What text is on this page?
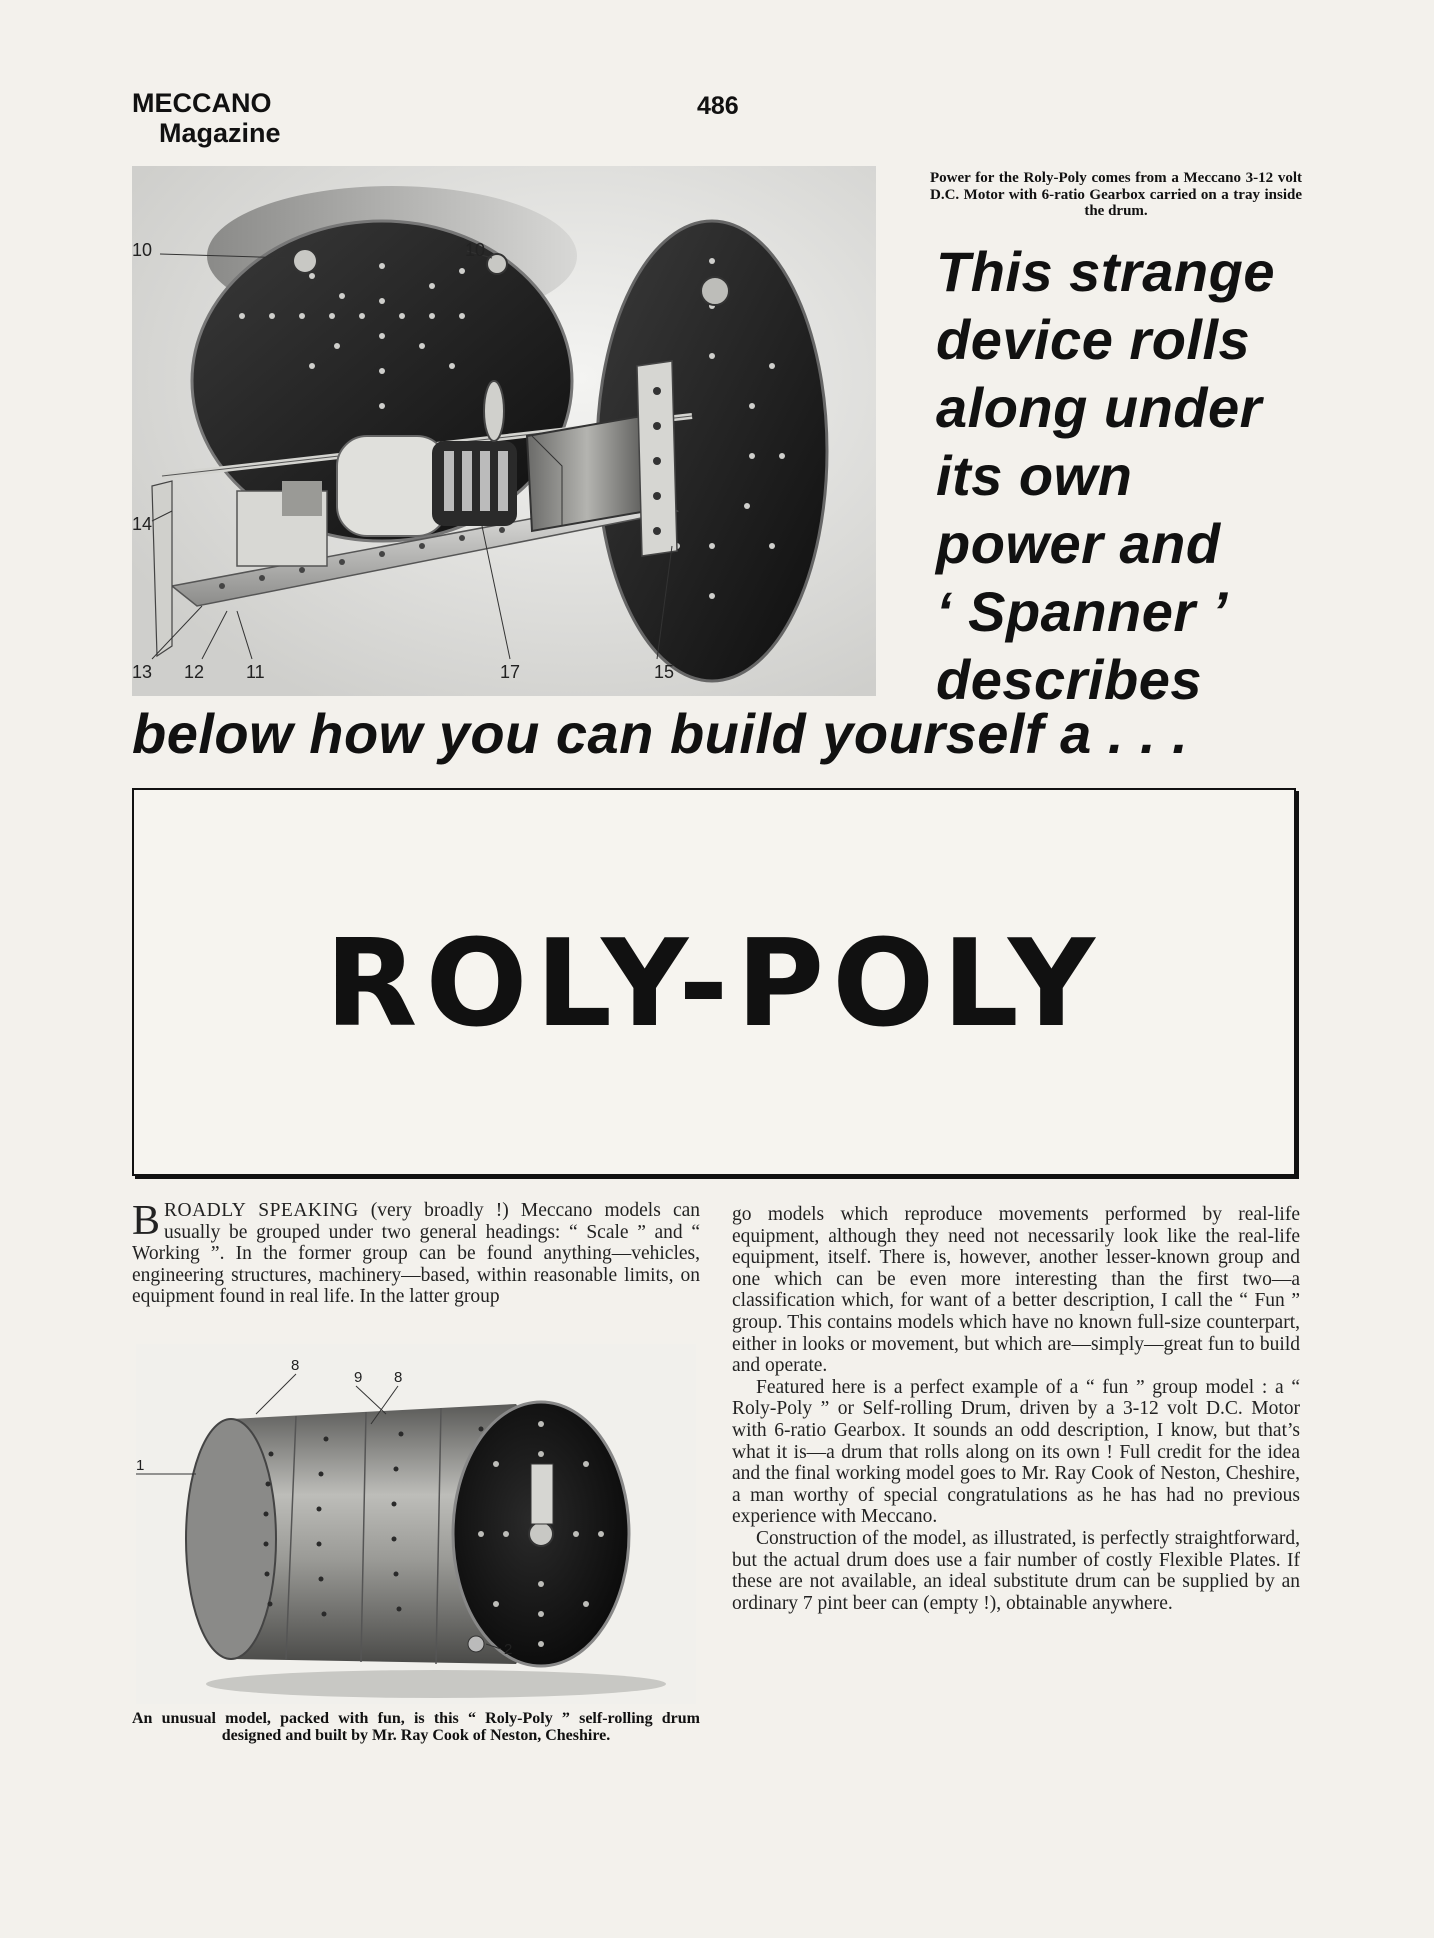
MECCANO
Magazine
486
10	10
14
13 12 11	17	15
Power for the Roly-Poly comes from a Meccano 3-12 volt D.C. Motor with 6-ratio Gearbox carried on a tray inside the drum.
This strange
device rolls
along under
its own
power and
‘ Spanner ’
describes
below how you can build yourself a . . .
ROLY-POLY

BROADLY SPEAKING (very broadly !) Meccano models can usually be grouped under two general headings: “ Scale ” and “ Working ”. In the former group can be found anything—vehicles, engineering structures, machinery—based, within reasonable limits, on equipment found in real life. In the latter group

8
9 8
1
2
An unusual model, packed with fun, is this “ Roly-Poly ” self-rolling drum designed and built by Mr. Ray Cook of Neston, Cheshire.

go models which reproduce movements performed by real-life equipment, although they need not necessarily look like the real-life equipment, itself. There is, however, another lesser-known group and one which can be even more interesting than the first two—a classification which, for want of a better description, I call the “ Fun ” group. This contains models which have no known full-size counterpart, either in looks or movement, but which are—simply—great fun to build and operate.

Featured here is a perfect example of a “ fun ” group model : a “ Roly-Poly ” or Self-rolling Drum, driven by a 3-12 volt D.C. Motor with 6-ratio Gearbox. It sounds an odd description, I know, but that’s what it is—a drum that rolls along on its own ! Full credit for the idea and the final working model goes to Mr. Ray Cook of Neston, Cheshire, a man worthy of special congratulations as he has had no previous experience with Meccano.

Construction of the model, as illustrated, is perfectly straightforward, but the actual drum does use a fair number of costly Flexible Plates. If these are not available, an ideal substitute drum can be supplied by an ordinary 7 pint beer can (empty !), obtainable anywhere.
